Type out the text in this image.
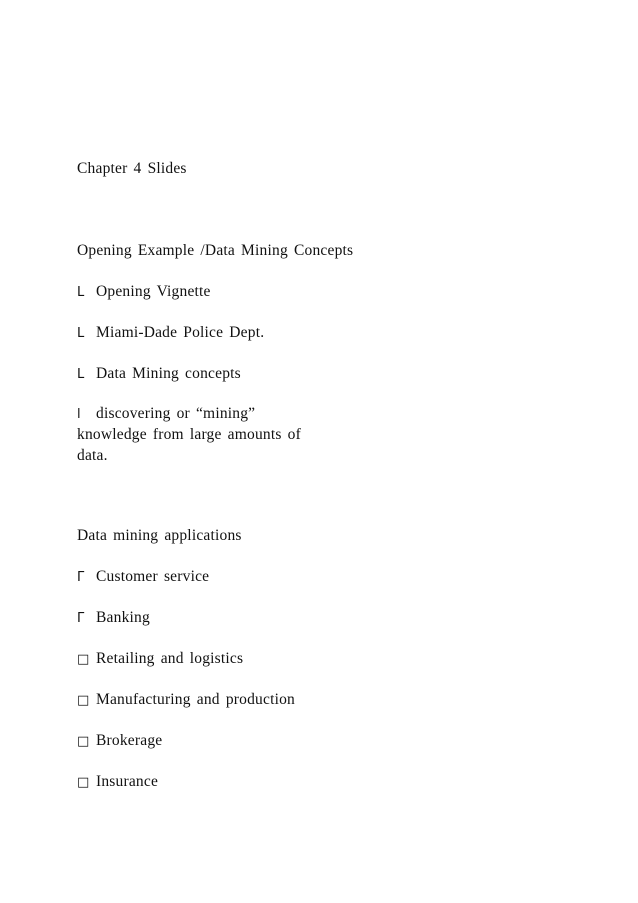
Chapter 4 Slides
Opening Example /Data Mining Concepts
L Opening Vignette
L Miami-Dade Police Dept.
L Data Mining concepts
l discovering or “mining”
knowledge from large amounts of
data.
Data mining applications
Г Customer service
Г Banking
□ Retailing and logistics
□ Manufacturing and production
□ Brokerage
□ Insurance
